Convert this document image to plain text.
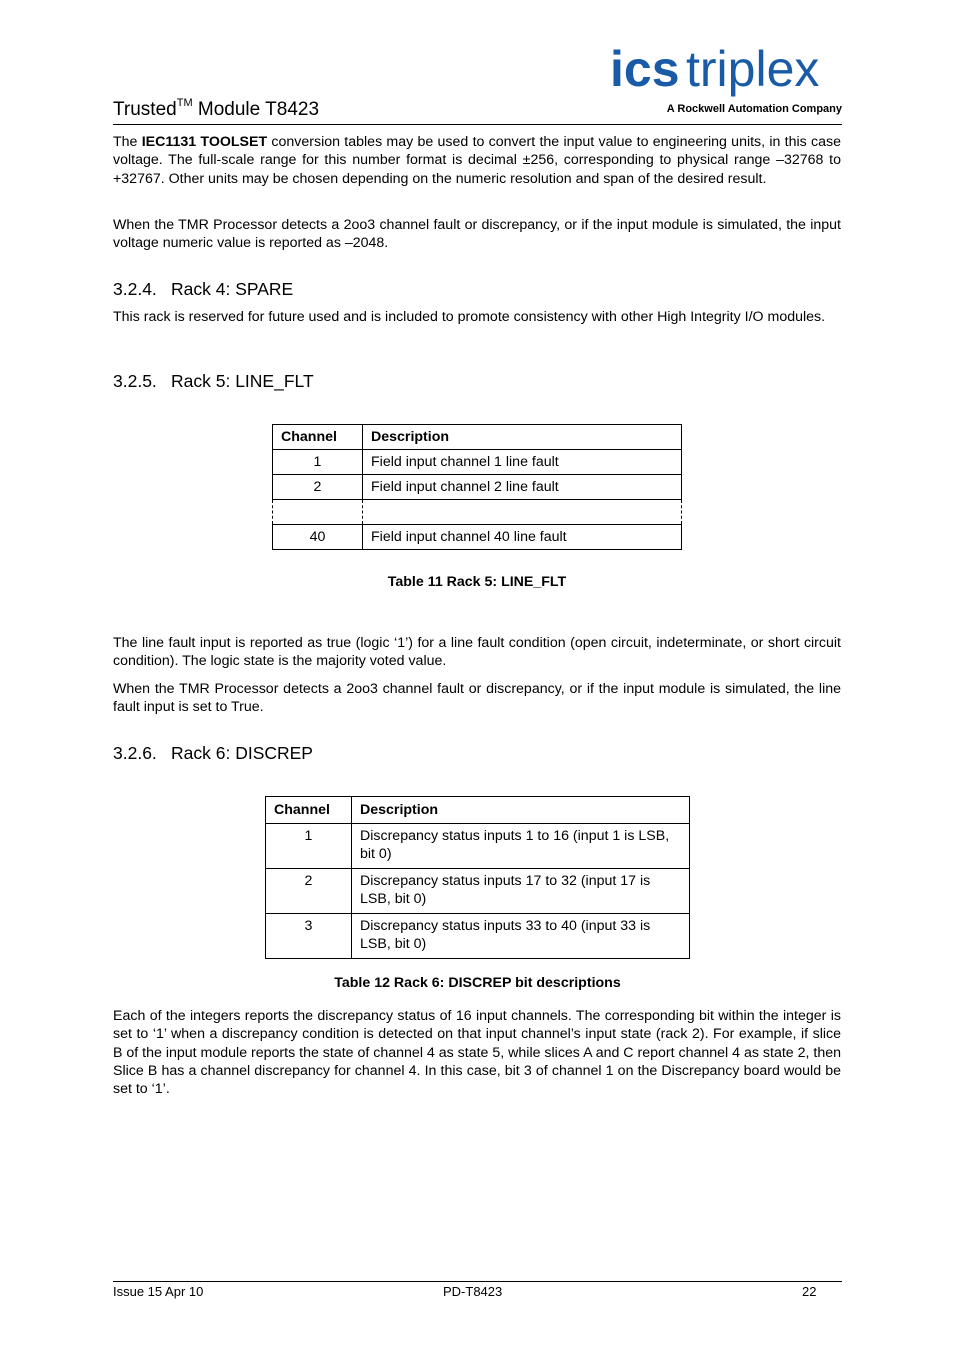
Trusted™ Module T8423
ics triplex
A Rockwell Automation Company
The IEC1131 TOOLSET conversion tables may be used to convert the input value to engineering units, in this case voltage. The full-scale range for this number format is decimal ±256, corresponding to physical range –32768 to +32767. Other units may be chosen depending on the numeric resolution and span of the desired result.
When the TMR Processor detects a 2oo3 channel fault or discrepancy, or if the input module is simulated, the input voltage numeric value is reported as –2048.
3.2.4. Rack 4: SPARE
This rack is reserved for future used and is included to promote consistency with other High Integrity I/O modules.
3.2.5. Rack 5: LINE_FLT
Channel	Description
1	Field input channel 1 line fault
2	Field input channel 2 line fault

40	Field input channel 40 line fault
Table 11 Rack 5: LINE_FLT
The line fault input is reported as true (logic ‘1’) for a line fault condition (open circuit, indeterminate, or short circuit condition). The logic state is the majority voted value.
When the TMR Processor detects a 2oo3 channel fault or discrepancy, or if the input module is simulated, the line fault input is set to True.
3.2.6. Rack 6: DISCREP
Channel	Description
1	Discrepancy status inputs 1 to 16 (input 1 is LSB, bit 0)
2	Discrepancy status inputs 17 to 32 (input 17 is LSB, bit 0)
3	Discrepancy status inputs 33 to 40 (input 33 is LSB, bit 0)
Table 12 Rack 6: DISCREP bit descriptions
Each of the integers reports the discrepancy status of 16 input channels. The corresponding bit within the integer is set to ‘1’ when a discrepancy condition is detected on that input channel’s input state (rack 2). For example, if slice B of the input module reports the state of channel 4 as state 5, while slices A and C report channel 4 as state 2, then Slice B has a channel discrepancy for channel 4. In this case, bit 3 of channel 1 on the Discrepancy board would be set to ‘1’.
Issue 15 Apr 10	PD-T8423	22
